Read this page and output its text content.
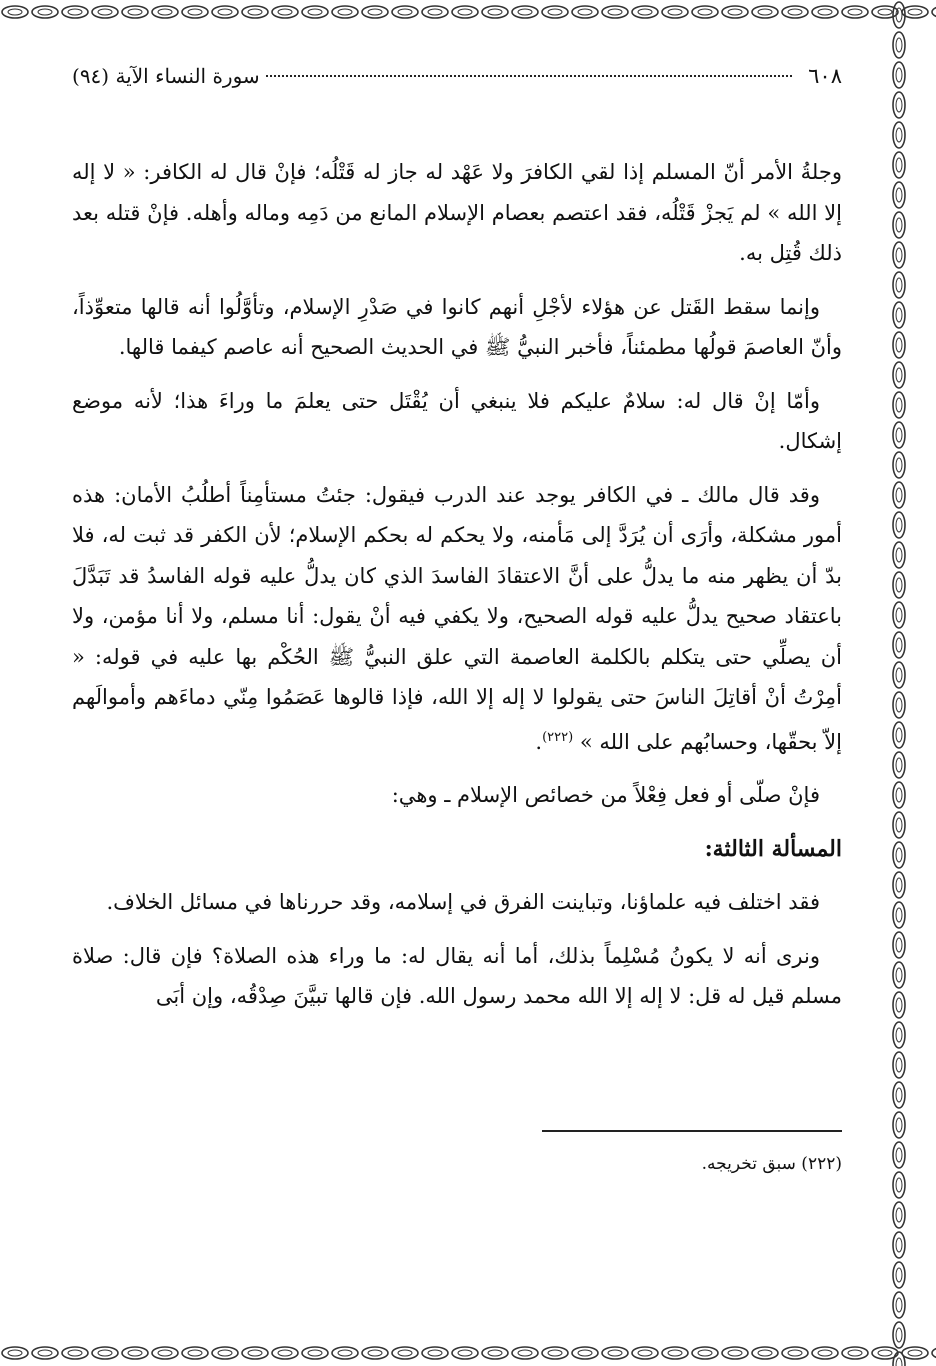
٦٠٨
سورة النساء الآية (٩٤)

وجلةُ الأمر أنّ المسلم إذا لقي الكافرَ ولا عَهْد له جاز له قَتْلُه؛ فإنْ قال له الكافر: « لا إله إلا الله » لم يَجزْ قَتْلُه، فقد اعتصم بعصام الإسلام المانع من دَمِه وماله وأهله. فإنْ قتله بعد ذلك قُتِل به.

وإنما سقط القَتل عن هؤلاء لأجْلِ أنهم كانوا في صَدْرِ الإسلام، وتأوَّلُوا أنه قالها متعوِّذاً، وأنّ العاصمَ قولُها مطمئناً، فأخبر النبيُّ ﷺ في الحديث الصحيح أنه عاصم كيفما قالها.

وأمّا إنْ قال له: سلامٌ عليكم فلا ينبغي أن يُقْتَل حتى يعلمَ ما وراءَ هذا؛ لأنه موضع إشكال.

وقد قال مالك ـ في الكافر يوجد عند الدرب فيقول: جئتُ مستأمِناً أطلُبُ الأمان: هذه أمور مشكلة، وأرَى أن يُرَدَّ إلى مَأمنه، ولا يحكم له بحكم الإسلام؛ لأن الكفر قد ثبت له، فلا بدّ أن يظهر منه ما يدلُّ على أنَّ الاعتقادَ الفاسدَ الذي كان يدلُّ عليه قوله الفاسدُ قد تَبَدَّلَ باعتقاد صحيح يدلُّ عليه قوله الصحيح، ولا يكفي فيه أنْ يقول: أنا مسلم، ولا أنا مؤمن، ولا أن يصلِّي حتى يتكلم بالكلمة العاصمة التي علق النبيُّ ﷺ الحُكْم بها عليه في قوله: « أمِرْتُ أنْ أقاتِلَ الناسَ حتى يقولوا لا إله إلا الله، فإذا قالوها عَصَمُوا مِنّي دماءَهم وأموالَهم إلاّ بحقّها، وحسابُهم على الله » $^{(٢٢٢)}$.

فإنْ صلّى أو فعل فِعْلاً من خصائص الإسلام ـ وهي:

المسألة الثالثة:

فقد اختلف فيه علماؤنا، وتباينت الفرق في إسلامه، وقد حررناها في مسائل الخلاف.

ونرى أنه لا يكونُ مُسْلِماً بذلك، أما أنه يقال له: ما وراء هذه الصلاة؟ فإن قال: صلاة مسلم قيل له قل: لا إله إلا الله محمد رسول الله. فإن قالها تبيَّنَ صِدْقُه، وإن أبَى

(٢٢٢) سبق تخريجه.
